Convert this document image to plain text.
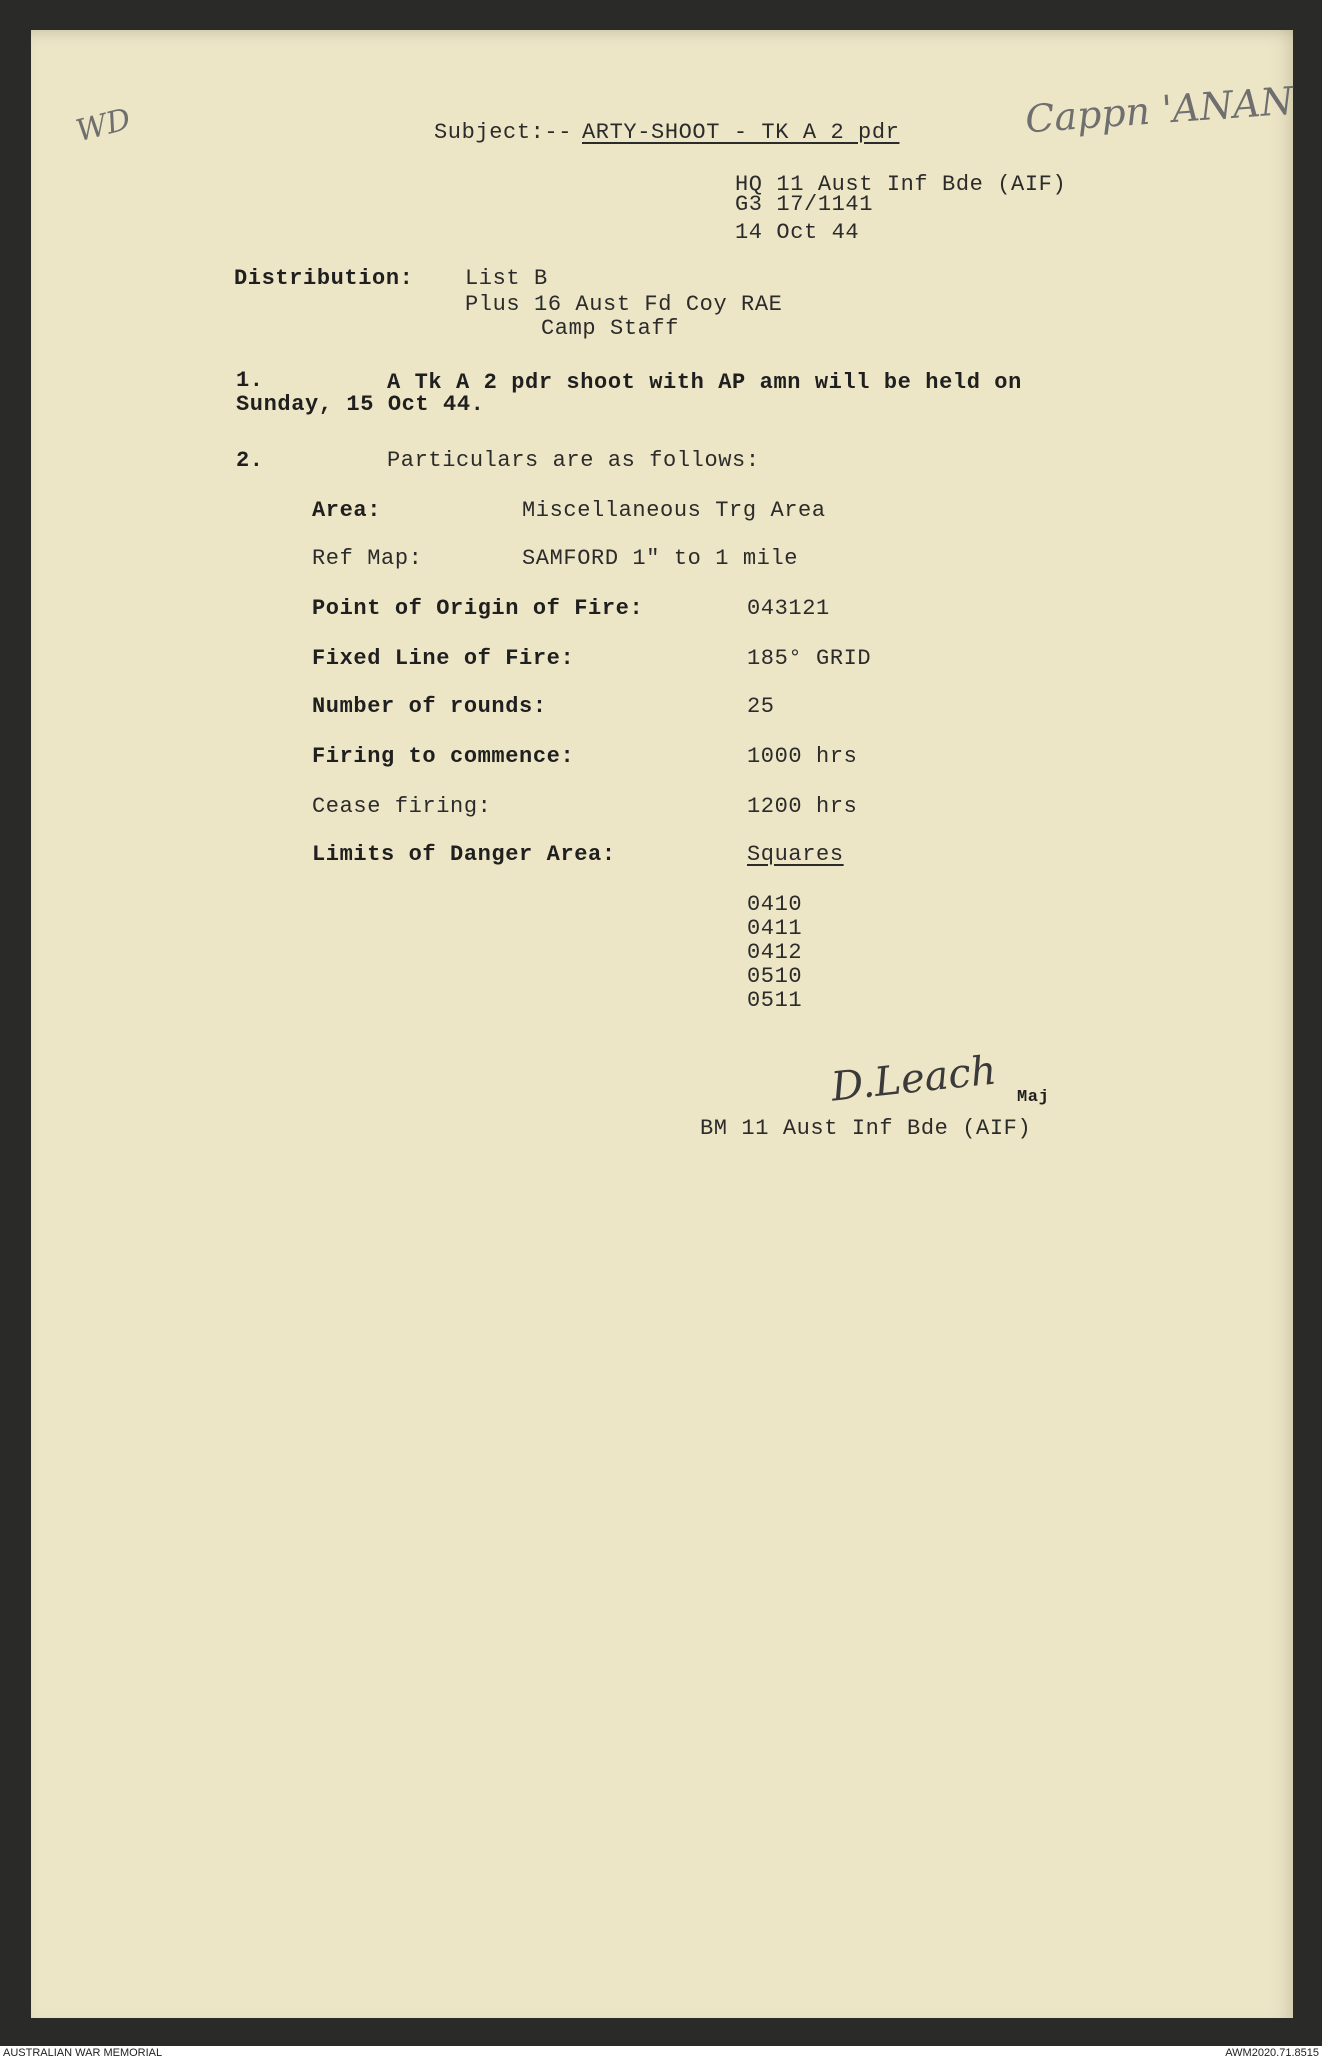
WD	Cappn 'ANAN
Subject:-- ARTY-SHOOT - TK A 2 pdr
HQ 11 Aust Inf Bde (AIF)
G3 17/1141
14 Oct 44
Distribution: List B
Plus 16 Aust Fd Coy RAE
Camp Staff
1.	A Tk A 2 pdr shoot with AP amn will be held on
Sunday, 15 Oct 44.
2.	Particulars are as follows:
Area:	Miscellaneous Trg Area
Ref Map:	SAMFORD 1" to 1 mile
Point of Origin of Fire:	043121
Fixed Line of Fire:	185° GRID
Number of rounds:	25
Firing to commence:	1000 hrs
Cease firing:	1200 hrs
Limits of Danger Area:	Squares
0410
0411
0412
0510
0511
D.Leach Maj
BM 11 Aust Inf Bde (AIF)
AUSTRALIAN WAR MEMORIAL	AWM2020.71.8515
